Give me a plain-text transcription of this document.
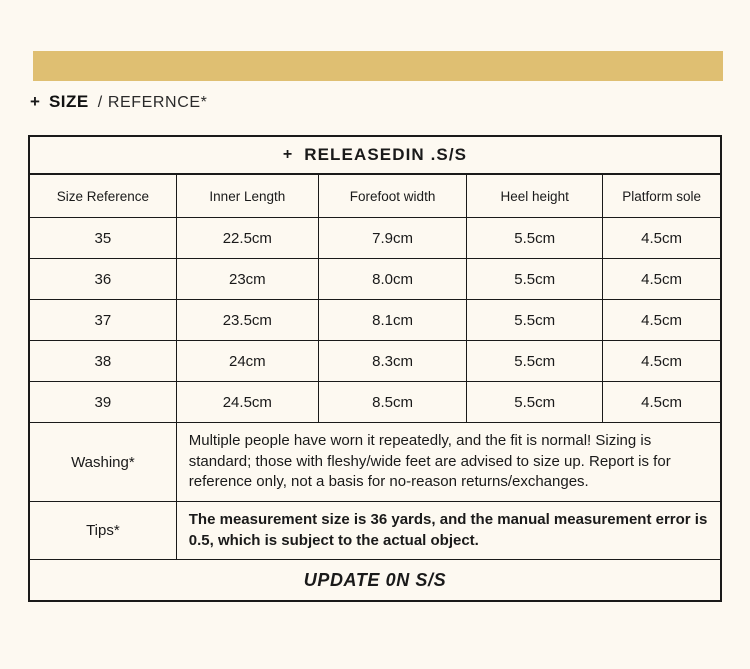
+ SIZE / REFERNCE*
+ RELEASEDIN .S/S
Size Reference	Inner Length	Forefoot width	Heel height	Platform sole
35	22.5cm	7.9cm	5.5cm	4.5cm
36	23cm	8.0cm	5.5cm	4.5cm
37	23.5cm	8.1cm	5.5cm	4.5cm
38	24cm	8.3cm	5.5cm	4.5cm
39	24.5cm	8.5cm	5.5cm	4.5cm
Washing*	Multiple people have worn it repeatedly, and the fit is normal! Sizing is standard; those with fleshy/wide feet are advised to size up. Report is for reference only, not a basis for no-reason returns/exchanges.			
Tips*	The measurement size is 36 yards, and the manual measurement error is 0.5, which is subject to the actual object.			
UPDATE 0N S/S				
